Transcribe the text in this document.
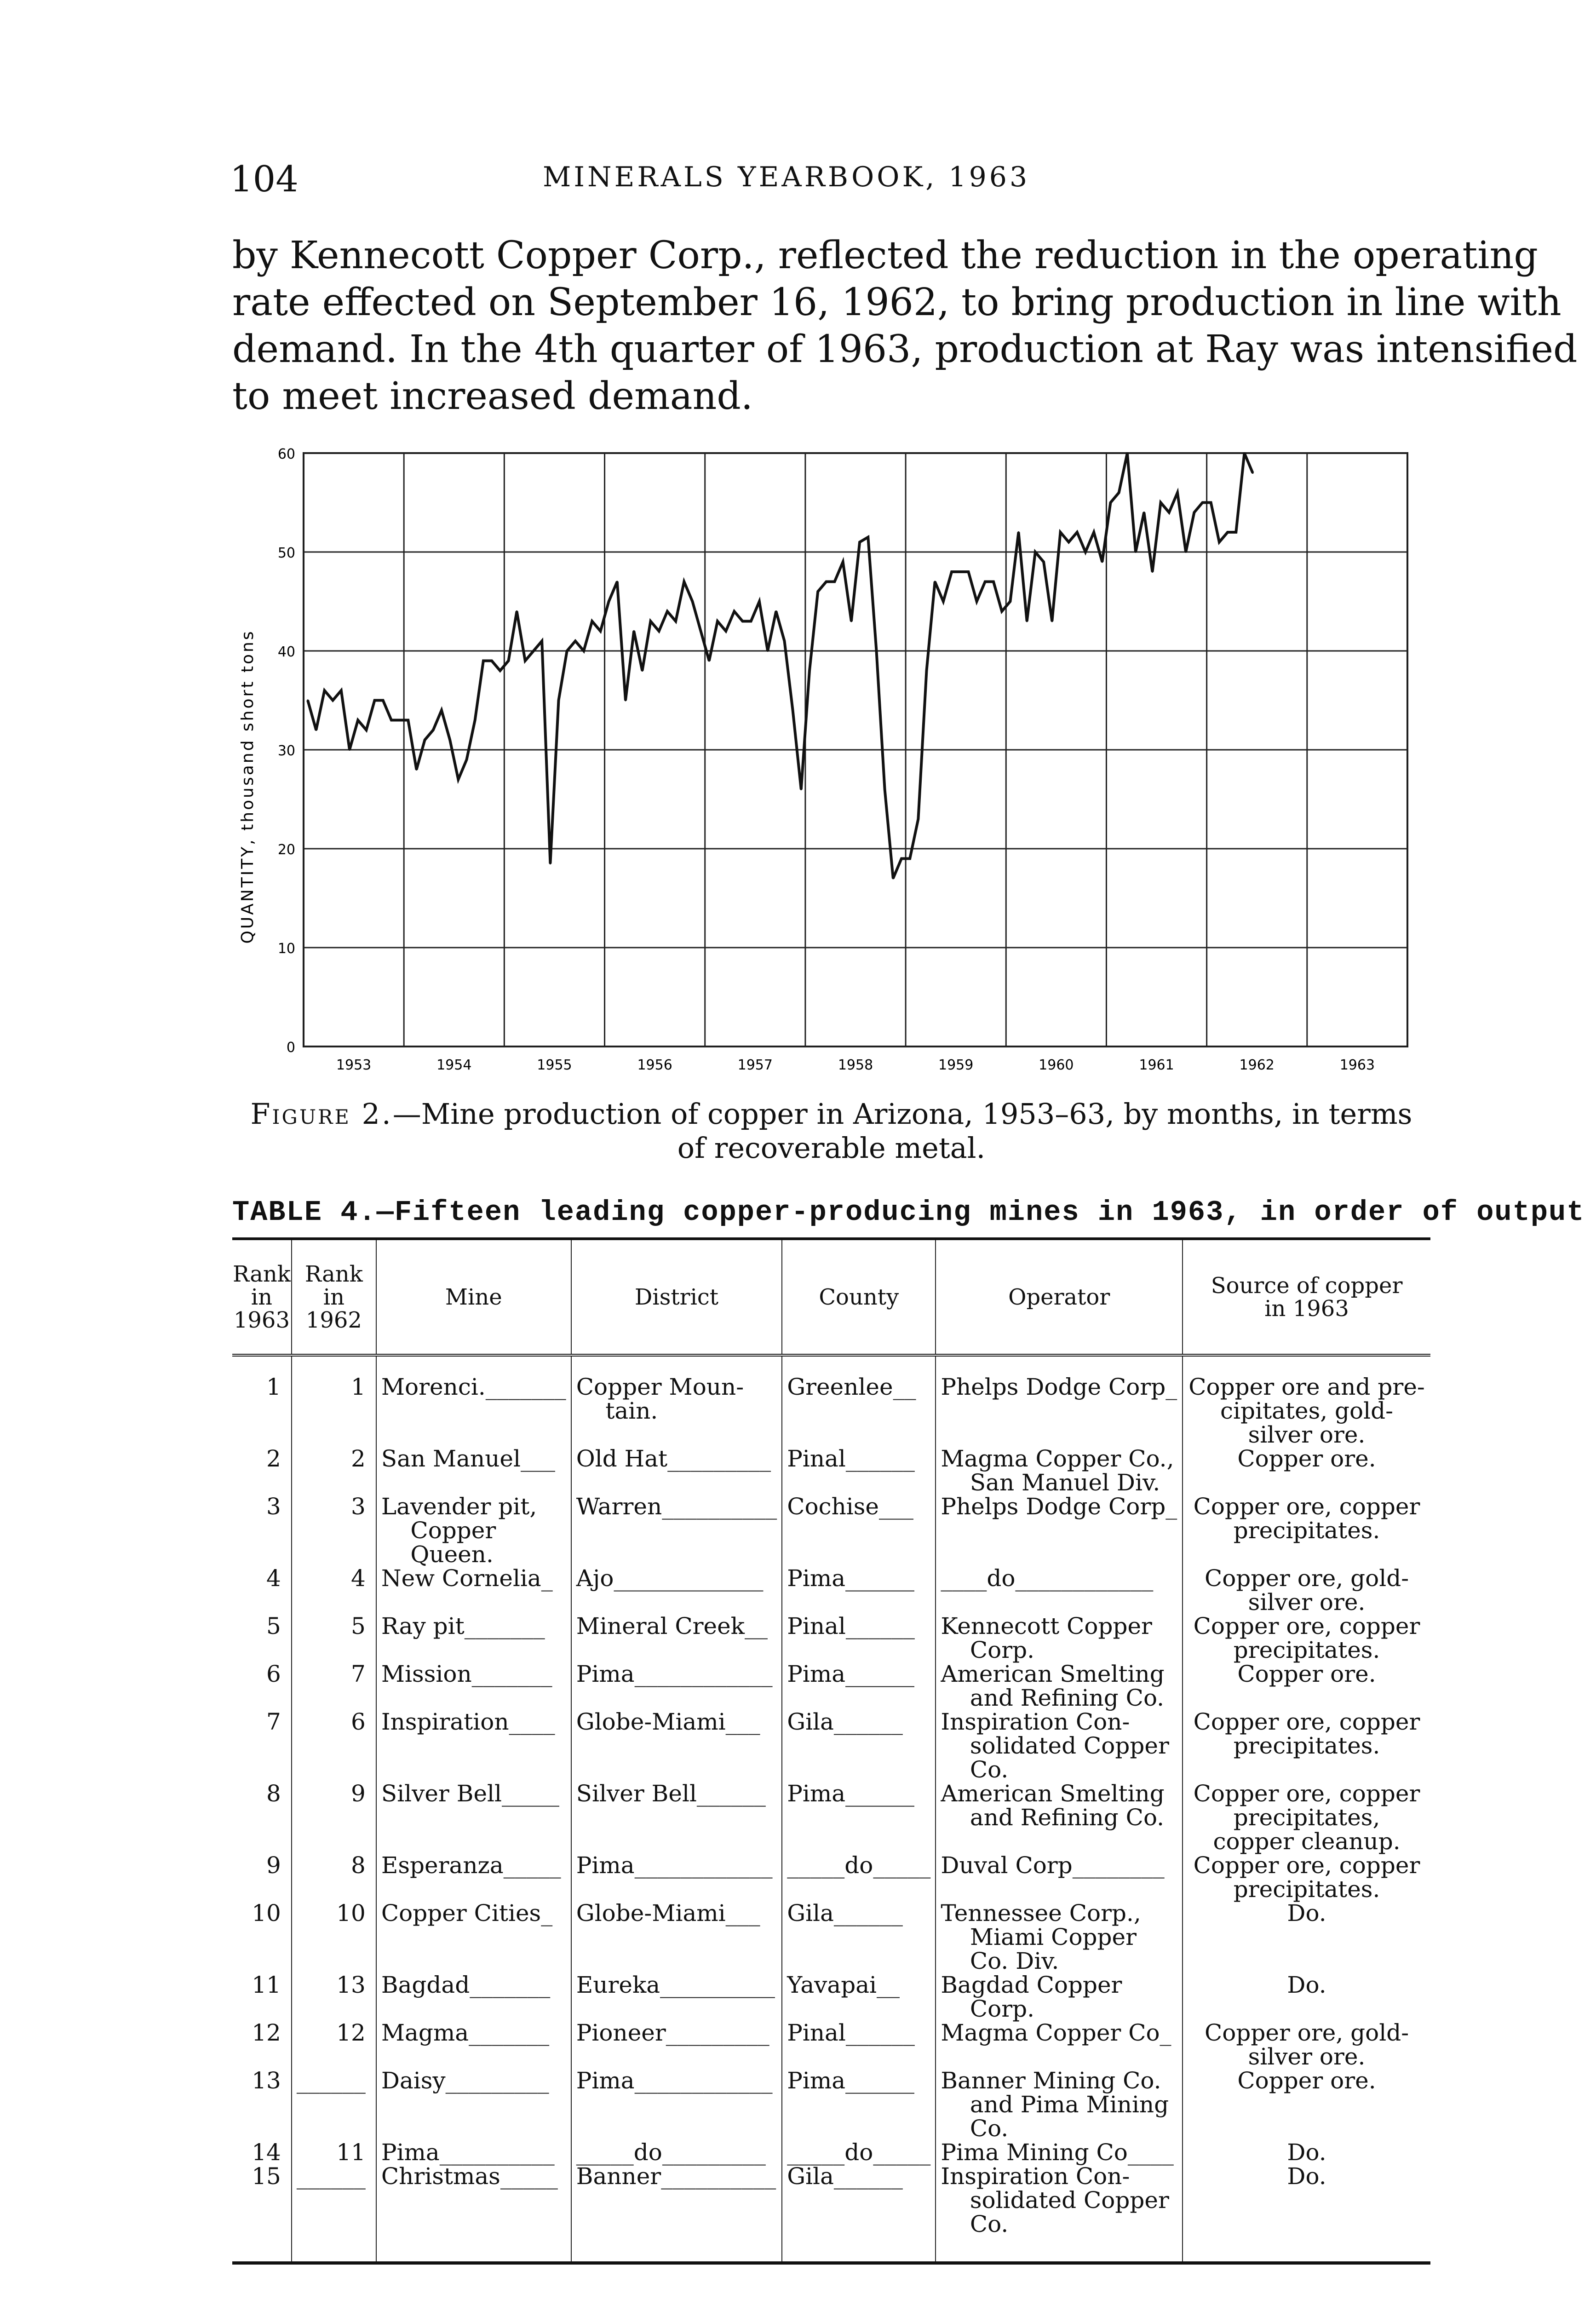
104	MINERALS YEARBOOK, 1963
by Kennecott Copper Corp., reflected the reduction in the operating
rate effected on September 16, 1962, to bring production in line with
demand. In the 4th quarter of 1963, production at Ray was intensified
to meet increased demand.
0
10
20
30
40
50
60
1953	1954	1955	1956	1957	1958	1959	1960	1961	1962	1963
QUANTITY, thousand short tons
Figure 2.—Mine production of copper in Arizona, 1953–63, by months, in terms of recoverable metal.
TABLE 4.—Fifteen leading copper-producing mines in 1963, in order of output
Rank
in
1963	Rank
in
1962	Mine	District	County	Operator	Source of copper
in 1963
1	1	Morenci._______	Copper Moun-
tain.	Greenlee__	Phelps Dodge Corp_	Copper ore and pre-
cipitates, gold-
silver ore.
2	2	San Manuel___	Old Hat_________	Pinal______	Magma Copper Co.,
San Manuel Div.	Copper ore.
3	3	Lavender pit,
Copper
Queen.	Warren__________	Cochise___	Phelps Dodge Corp_	Copper ore, copper
precipitates.
4	4	New Cornelia_	Ajo_____________	Pima______	____do____________	Copper ore, gold-
silver ore.
5	5	Ray pit_______	Mineral Creek__	Pinal______	Kennecott Copper
Corp.	Copper ore, copper
precipitates.
6	7	Mission_______	Pima____________	Pima______	American Smelting
and Refining Co.	Copper ore.
7	6	Inspiration____	Globe-Miami___	Gila______	Inspiration Con-
solidated Copper
Co.	Copper ore, copper
precipitates.
8	9	Silver Bell_____	Silver Bell______	Pima______	American Smelting
and Refining Co.	Copper ore, copper
precipitates,
copper cleanup.
9	8	Esperanza_____	Pima____________	_____do_____	Duval Corp________	Copper ore, copper
precipitates.
10	10	Copper Cities_	Globe-Miami___	Gila______	Tennessee Corp.,
Miami Copper
Co. Div.	Do.
11	13	Bagdad_______	Eureka__________	Yavapai__	Bagdad Copper
Corp.	Do.
12	12	Magma_______	Pioneer_________	Pinal______	Magma Copper Co_	Copper ore, gold-
silver ore.
13	______	Daisy_________	Pima____________	Pima______	Banner Mining Co.
and Pima Mining
Co.	Copper ore.
14	11	Pima__________	_____do_________	_____do_____	Pima Mining Co____	Do.
15	______	Christmas_____	Banner__________	Gila______	Inspiration Con-
solidated Copper
Co.	Do.
